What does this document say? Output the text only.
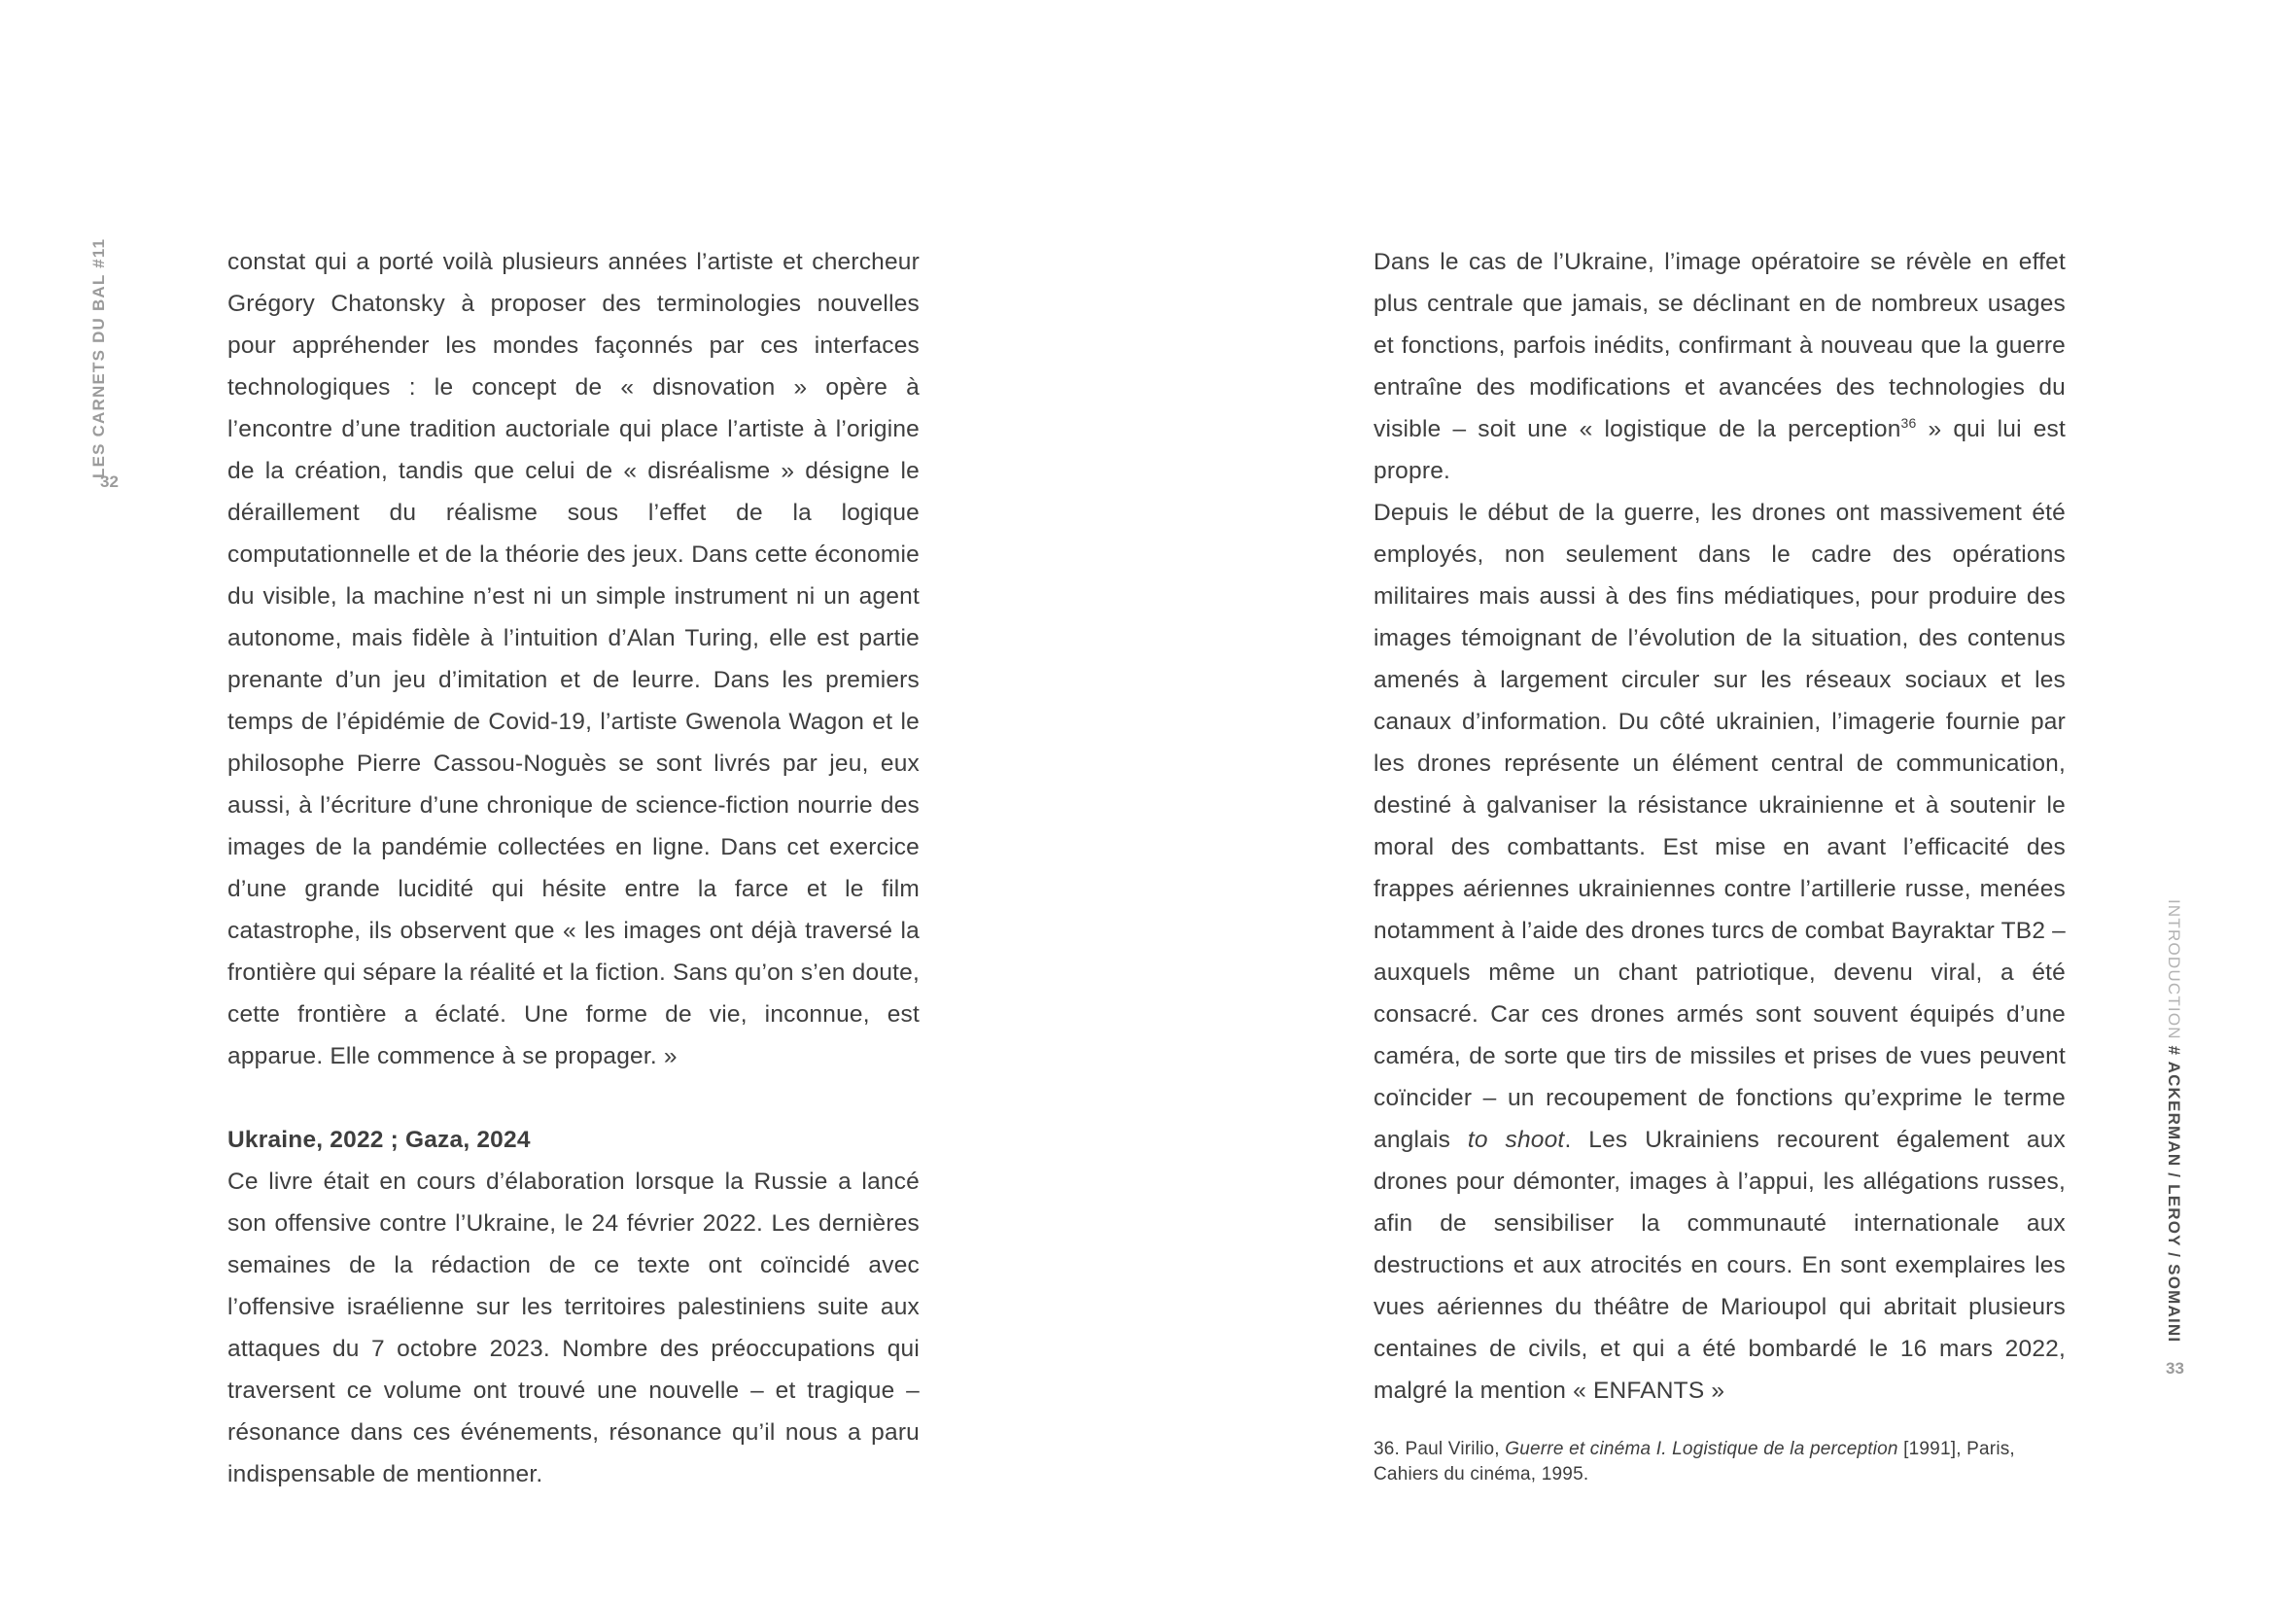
LES CARNETS DU BAL #11
32

constat qui a porté voilà plusieurs années l’artiste et chercheur Grégory Chatonsky à proposer des terminologies nouvelles pour appréhender les mondes façonnés par ces interfaces technologiques : le concept de « disnovation » opère à l’encontre d’une tradition auctoriale qui place l’artiste à l’origine de la création, tandis que celui de « disréalisme » désigne le déraillement du réalisme sous l’effet de la logique computationnelle et de la théorie des jeux. Dans cette économie du visible, la machine n’est ni un simple instrument ni un agent autonome, mais fidèle à l’intuition d’Alan Turing, elle est partie prenante d’un jeu d’imitation et de leurre. Dans les premiers temps de l’épidémie de Covid-19, l’artiste Gwenola Wagon et le philosophe Pierre Cassou-Noguès se sont livrés par jeu, eux aussi, à l’écriture d’une chronique de science-fiction nourrie des images de la pandémie collectées en ligne. Dans cet exercice d’une grande lucidité qui hésite entre la farce et le film catastrophe, ils observent que « les images ont déjà traversé la frontière qui sépare la réalité et la fiction. Sans qu’on s’en doute, cette frontière a éclaté. Une forme de vie, inconnue, est apparue. Elle commence à se propager. »

Ukraine, 2022 ; Gaza, 2024

Ce livre était en cours d’élaboration lorsque la Russie a lancé son offensive contre l’Ukraine, le 24 février 2022. Les dernières semaines de la rédaction de ce texte ont coïncidé avec l’offensive israélienne sur les territoires palestiniens suite aux attaques du 7 octobre 2023. Nombre des préoccupations qui traversent ce volume ont trouvé une nouvelle – et tragique – résonance dans ces événements, résonance qu’il nous a paru indispensable de mentionner.

Dans le cas de l’Ukraine, l’image opératoire se révèle en effet plus centrale que jamais, se déclinant en de nombreux usages et fonctions, parfois inédits, confirmant à nouveau que la guerre entraîne des modifications et avancées des technologies du visible – soit une « logistique de la perception$^{36}$ » qui lui est propre.

Depuis le début de la guerre, les drones ont massivement été employés, non seulement dans le cadre des opérations militaires mais aussi à des fins médiatiques, pour produire des images témoignant de l’évolution de la situation, des contenus amenés à largement circuler sur les réseaux sociaux et les canaux d’information. Du côté ukrainien, l’imagerie fournie par les drones représente un élément central de communication, destiné à galvaniser la résistance ukrainienne et à soutenir le moral des combattants. Est mise en avant l’efficacité des frappes aériennes ukrainiennes contre l’artillerie russe, menées notamment à l’aide des drones turcs de combat Bayraktar TB2 – auxquels même un chant patriotique, devenu viral, a été consacré. Car ces drones armés sont souvent équipés d’une caméra, de sorte que tirs de missiles et prises de vues peuvent coïncider – un recoupement de fonctions qu’exprime le terme anglais to shoot. Les Ukrainiens recourent également aux drones pour démonter, images à l’appui, les allégations russes, afin de sensibiliser la communauté internationale aux destructions et aux atrocités en cours. En sont exemplaires les vues aériennes du théâtre de Marioupol qui abritait plusieurs centaines de civils, et qui a été bombardé le 16 mars 2022, malgré la mention « ENFANTS »

36. Paul Virilio, Guerre et cinéma I. Logistique de la perception [1991], Paris, Cahiers du cinéma, 1995.

INTRODUCTION # ACKERMAN / LEROY / SOMAINI
33
